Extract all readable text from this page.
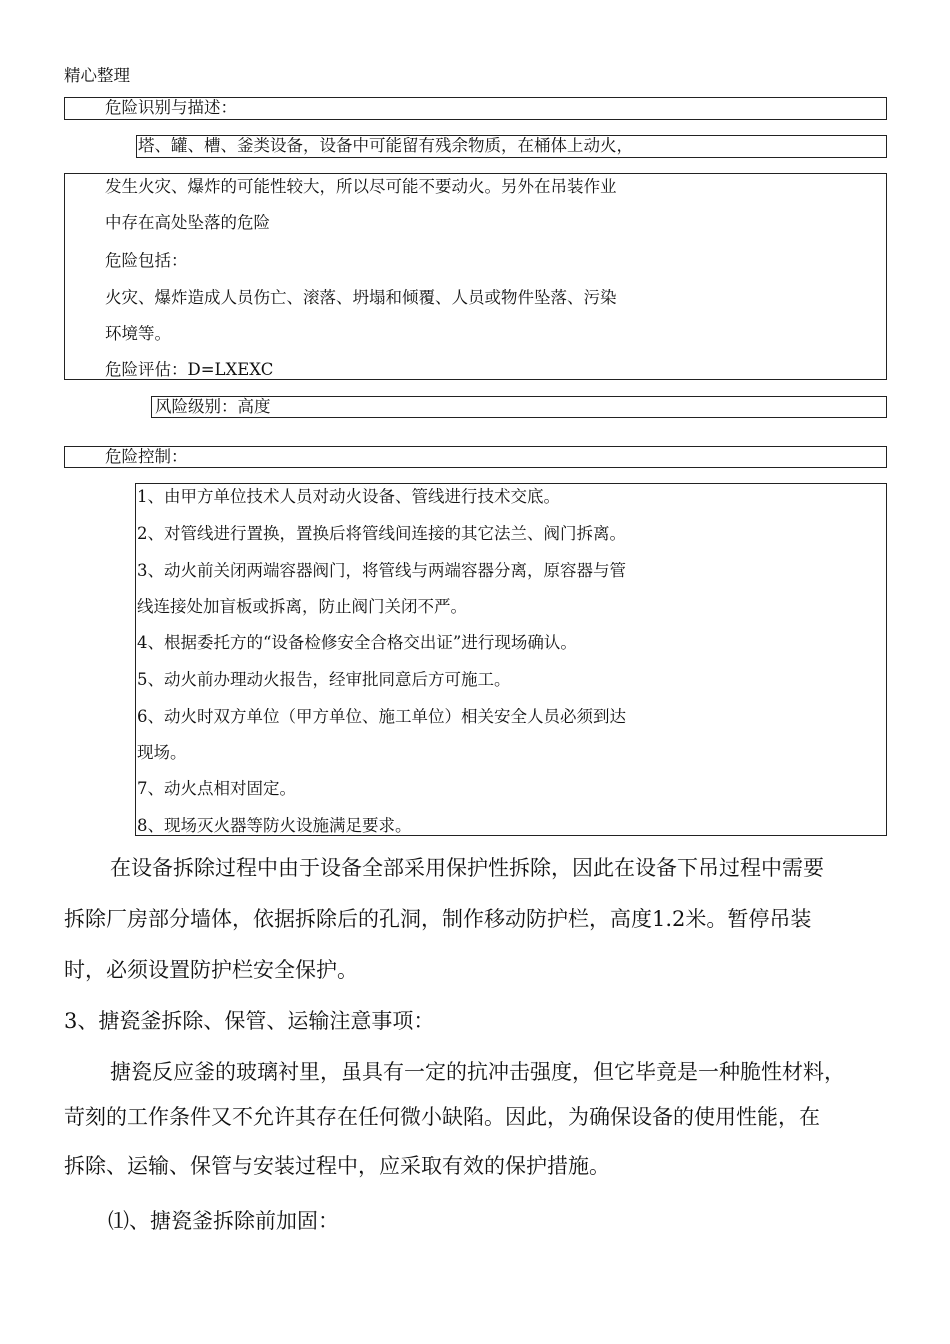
精心整理
危险识别与描述：
塔、罐、槽、釜类设备，设备中可能留有残余物质，在桶体上动火，
发生火灾、爆炸的可能性较大，所以尽可能不要动火。另外在吊装作业
中存在高处坠落的危险
危险包括：
火灾、爆炸造成人员伤亡、滚落、坍塌和倾覆、人员或物件坠落、污染
环境等。
危险评估：D=LXEXC
风险级别：高度
危险控制：
1、由甲方单位技术人员对动火设备、管线进行技术交底。
2、对管线进行置换，置换后将管线间连接的其它法兰、阀门拆离。
3、动火前关闭两端容器阀门，将管线与两端容器分离，原容器与管
线连接处加盲板或拆离，防止阀门关闭不严。
4、根据委托方的“设备检修安全合格交出证”进行现场确认。
5、动火前办理动火报告，经审批同意后方可施工。
6、动火时双方单位（甲方单位、施工单位）相关安全人员必须到达
现场。
7、动火点相对固定。
8、现场灭火器等防火设施满足要求。
在设备拆除过程中由于设备全部采用保护性拆除，因此在设备下吊过程中需要
拆除厂房部分墙体，依据拆除后的孔洞，制作移动防护栏，高度1.2米。暂停吊装
时，必须设置防护栏安全保护。
3、搪瓷釜拆除、保管、运输注意事项：
搪瓷反应釜的玻璃衬里，虽具有一定的抗冲击强度，但它毕竟是一种脆性材料，
苛刻的工作条件又不允许其存在任何微小缺陷。因此，为确保设备的使用性能，在
拆除、运输、保管与安装过程中，应采取有效的保护措施。
⑴、搪瓷釜拆除前加固：
